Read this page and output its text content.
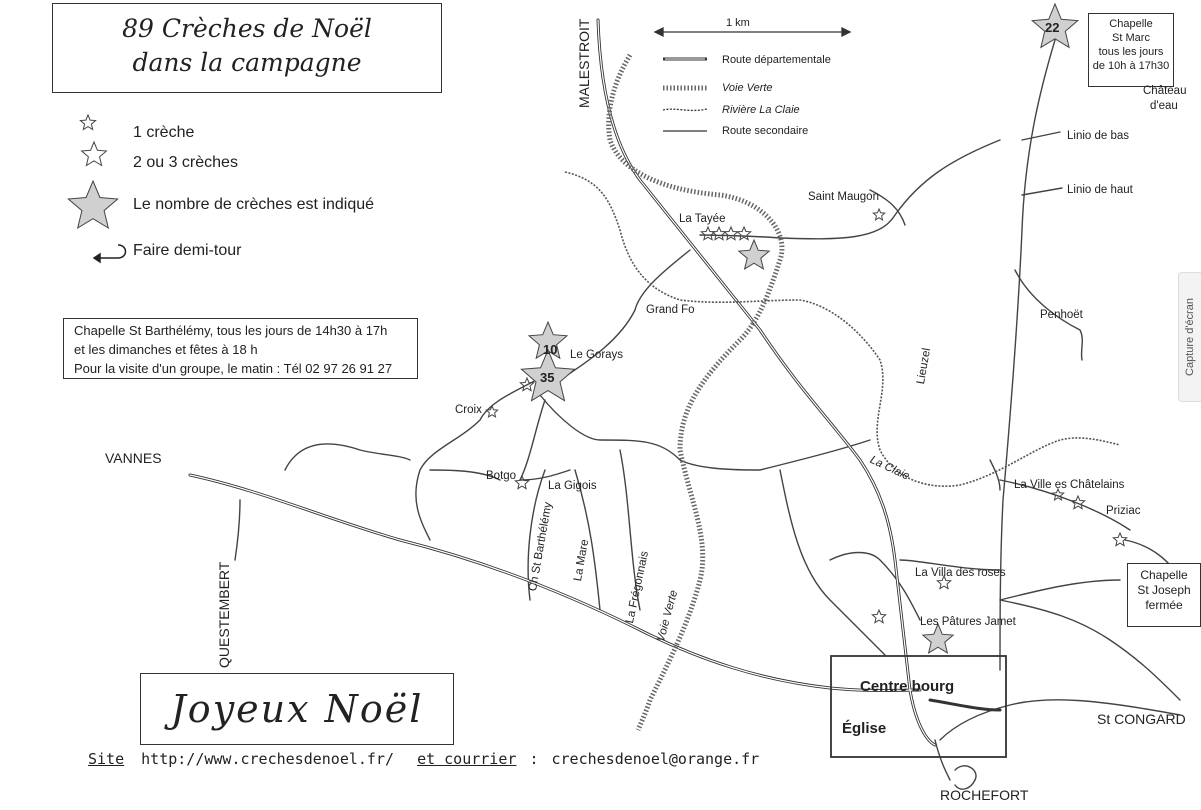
89 Crèches de Noël
dans la campagne
1 crèche
2 ou 3 crèches
Le nombre de crèches est indiqué
Faire demi-tour
1 km
Route départementale
Voie Verte
Rivière La Claie
Route secondaire
Chapelle St Barthélémy, tous les jours de 14h30 à 17h
et les dimanches et fêtes à 18 h
Pour la visite d'un groupe, le matin : Tél 02 97 26 91 27
Chapelle
St Marc
tous les jours
de 10h à 17h30
Chapelle
St Joseph
fermée
Joyeux Noël
Site http://www.crechesdenoel.fr/ et courrier : crechesdenoel@orange.fr
MALESTROIT
VANNES
QUESTEMBERT
ROCHEFORT
St CONGARD
Château
d'eau
Linio de bas
Linio de haut
Saint Maugon
La Tayée
Grand Fo
Le Gorays
Croix
Botgo
La Gigois
Penhoët
Lieuzel
La Claie
La Ville es Châtelains
Priziac
La Villa des roses
Les Pâtures Jamet
Ch St Barthélémy La Mare	La Frégonnais Voie Verte
Centre bourg
Église
22
10
35
Capture d'écran
